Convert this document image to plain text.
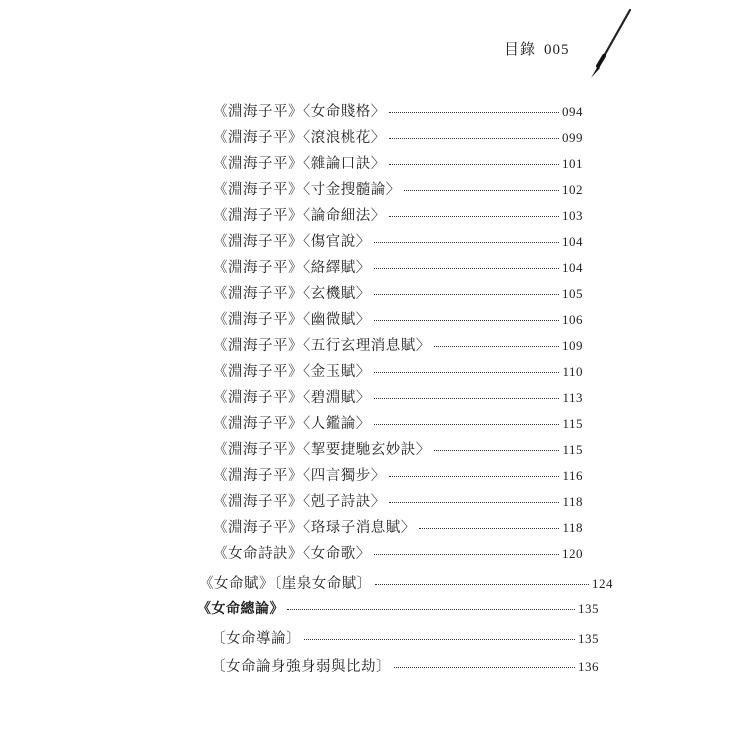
目錄 005
《淵海子平》〈女命賤格〉	094
《淵海子平》〈滾浪桃花〉	099
《淵海子平》〈雜論口訣〉	101
《淵海子平》〈寸金搜髓論〉	102
《淵海子平》〈論命細法〉	103
《淵海子平》〈傷官說〉	104
《淵海子平》〈絡繹賦〉	104
《淵海子平》〈玄機賦〉	105
《淵海子平》〈幽微賦〉	106
《淵海子平》〈五行玄理消息賦〉	109
《淵海子平》〈金玉賦〉	110
《淵海子平》〈碧淵賦〉	113
《淵海子平》〈人鑑論〉	115
《淵海子平》〈挈要捷馳玄妙訣〉	115
《淵海子平》〈四言獨步〉	116
《淵海子平》〈剋子詩訣〉	118
《淵海子平》〈珞琭子消息賦〉	118
《女命詩訣》〈女命歌〉	120
《女命賦》〔崖泉女命賦〕	124
《女命總論》	135
〔女命導論〕	135
〔女命論身強身弱與比劫〕	136
